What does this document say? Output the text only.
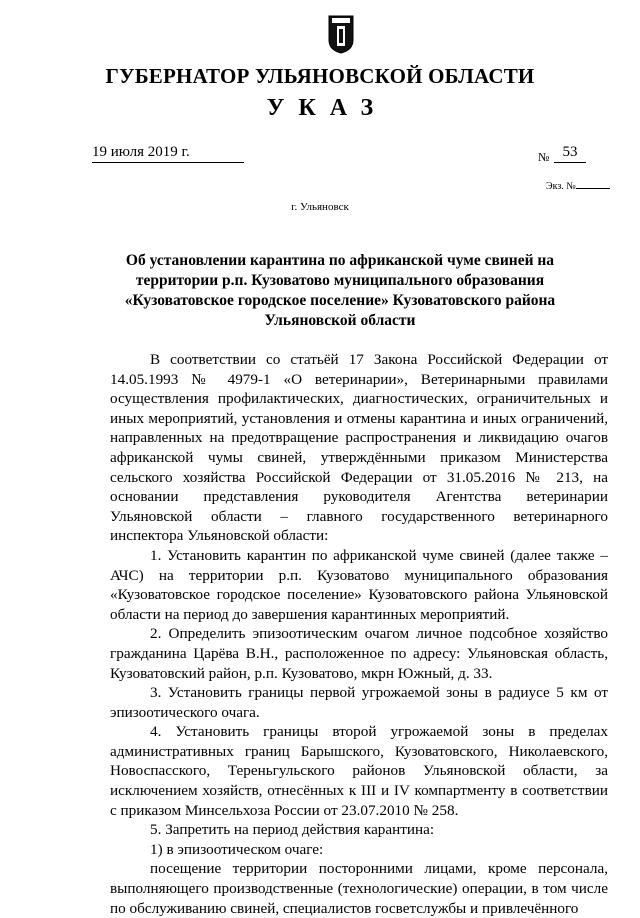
ГУБЕРНАТОР УЛЬЯНОВСКОЙ ОБЛАСТИ
УКАЗ
19 июля 2019 г.	№ 53
Экз. №
г. Ульяновск
Об установлении карантина по африканской чуме свиней на территории р.п. Кузоватово муниципального образования «Кузоватовское городское поселение» Кузоватовского района Ульяновской области

В соответствии со статьёй 17 Закона Российской Федерации от 14.05.1993 № 4979-1 «О ветеринарии», Ветеринарными правилами осуществления профилактических, диагностических, ограничительных и иных мероприятий, установления и отмены карантина и иных ограничений, направленных на предотвращение распространения и ликвидацию очагов африканской чумы свиней, утверждёнными приказом Министерства сельского хозяйства Российской Федерации от 31.05.2016 № 213, на основании представления руководителя Агентства ветеринарии Ульяновской области – главного государственного ветеринарного инспектора Ульяновской области:

1. Установить карантин по африканской чуме свиней (далее также – АЧС) на территории р.п. Кузоватово муниципального образования «Кузоватовское городское поселение» Кузоватовского района Ульяновской области на период до завершения карантинных мероприятий.

2. Определить эпизоотическим очагом личное подсобное хозяйство гражданина Царёва В.Н., расположенное по адресу: Ульяновская область, Кузоватовский район, р.п. Кузоватово, мкрн Южный, д. 33.

3. Установить границы первой угрожаемой зоны в радиусе 5 км от эпизоотического очага.

4. Установить границы второй угрожаемой зоны в пределах административных границ Барышского, Кузоватовского, Николаевского, Новоспасского, Тереньгульского районов Ульяновской области, за исключением хозяйств, отнесённых к III и IV компартменту в соответствии с приказом Минсельхоза России от 23.07.2010 № 258.

5. Запретить на период действия карантина:

1) в эпизоотическом очаге:

посещение территории посторонними лицами, кроме персонала, выполняющего производственные (технологические) операции, в том числе по обслуживанию свиней, специалистов госветслужбы и привлечённого
